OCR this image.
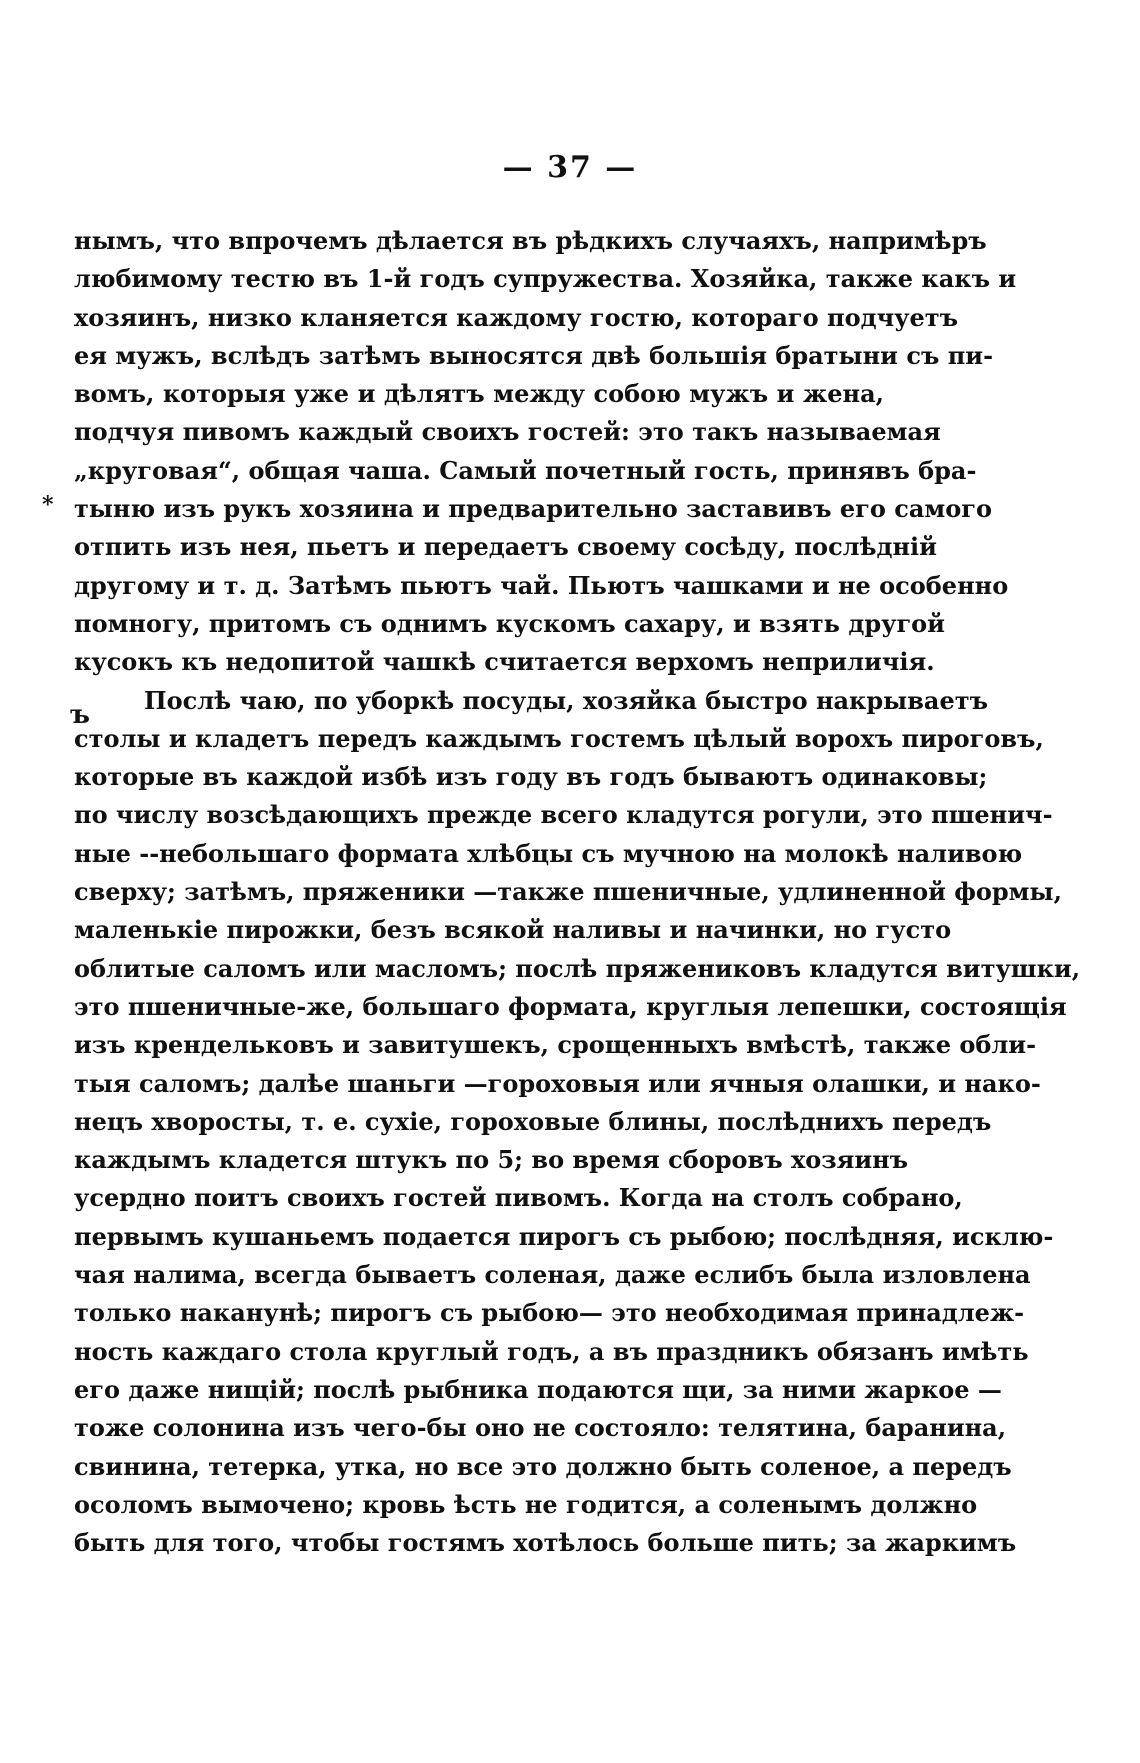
— 37 —
*
ъ
нымъ, что впрочемъ дѣлается въ рѣдкихъ случаяхъ, напримѣръ
любимому тестю въ 1-й годъ супружества. Хозяйка, также какъ и
хозяинъ, низко кланяется каждому гостю, котораго подчуетъ
ея мужъ, вслѣдъ затѣмъ выносятся двѣ большія братыни съ пи-
вомъ, которыя уже и дѣлятъ между собою мужъ и жена,
подчуя пивомъ каждый своихъ гостей: это такъ называемая
„круговая“, общая чаша. Самый почетный гость, принявъ бра-
тыню изъ рукъ хозяина и предварительно заставивъ его самого
отпить изъ нея, пьетъ и передаетъ своему сосѣду, послѣдній
другому и т. д. Затѣмъ пьютъ чай. Пьютъ чашками и не особенно
помногу, притомъ съ однимъ кускомъ сахару, и взять другой
кусокъ къ недопитой чашкѣ считается верхомъ неприличія.
Послѣ чаю, по уборкѣ посуды, хозяйка быстро накрываетъ
столы и кладетъ передъ каждымъ гостемъ цѣлый ворохъ пироговъ,
которые въ каждой избѣ изъ году въ годъ бываютъ одинаковы;
по числу возсѣдающихъ прежде всего кладутся рогули, это пшенич-
ные --небольшаго формата хлѣбцы съ мучною на молокѣ наливою
сверху; затѣмъ, пряженики —также пшеничные, удлиненной формы,
маленькіе пирожки, безъ всякой наливы и начинки, но густо
облитые саломъ или масломъ; послѣ пряжениковъ кладутся витушки,
это пшеничные-же, большаго формата, круглыя лепешки, состоящія
изъ крендельковъ и завитушекъ, срощенныхъ вмѣстѣ, также обли-
тыя саломъ; далѣе шаньги —гороховыя или ячныя олашки, и нако-
нецъ хворосты, т. е. сухіе, гороховые блины, послѣднихъ передъ
каждымъ кладется штукъ по 5; во время сборовъ хозяинъ
усердно поитъ своихъ гостей пивомъ. Когда на столъ собрано,
первымъ кушаньемъ подается пирогъ съ рыбою; послѣдняя, исклю-
чая налима, всегда бываетъ соленая, даже еслибъ была изловлена
только наканунѣ; пирогъ съ рыбою— это необходимая принадлеж-
ность каждаго стола круглый годъ, а въ праздникъ обязанъ имѣть
его даже нищій; послѣ рыбника подаются щи, за ними жаркое —
тоже солонина изъ чего-бы оно не состояло: телятина, баранина,
свинина, тетерка, утка, но все это должно быть соленое, а передъ
осоломъ вымочено; кровь ѣсть не годится, а соленымъ должно
быть для того, чтобы гостямъ хотѣлось больше пить; за жаркимъ
